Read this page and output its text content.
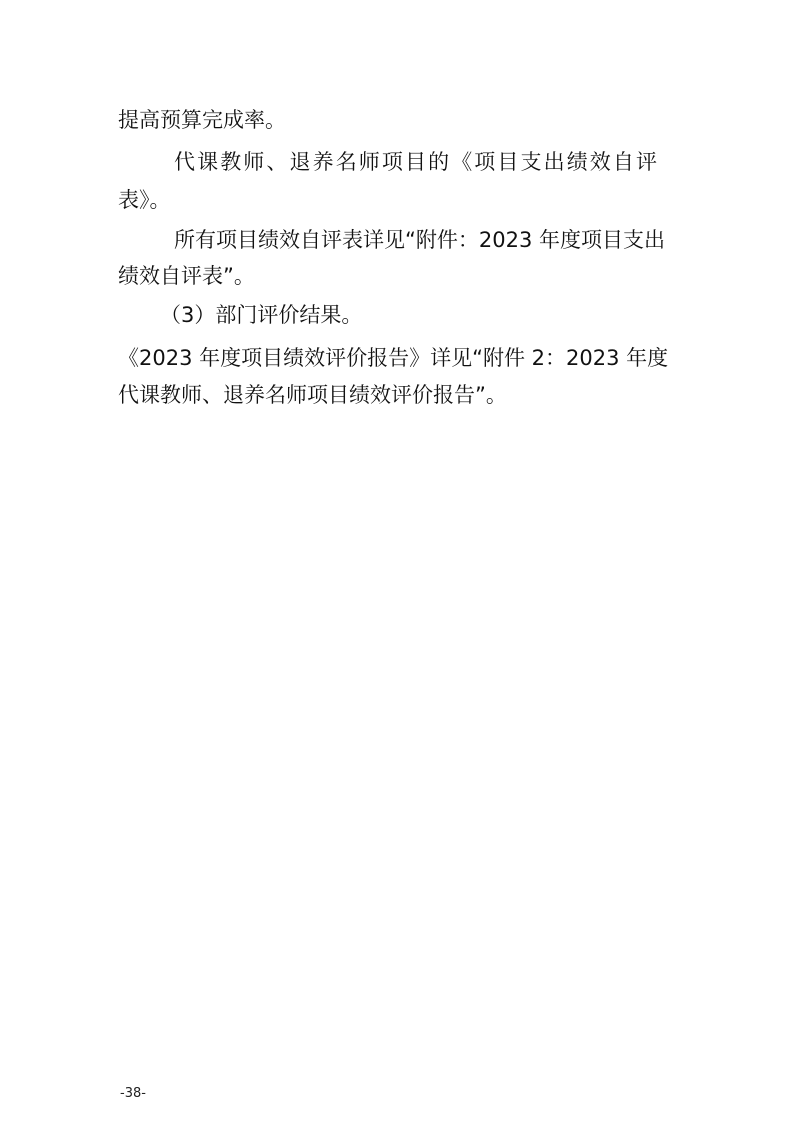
提高预算完成率。

代课教师、退养名师项目的《项目支出绩效自评

表》。

所有项目绩效自评表详见“附件：2023 年度项目支出

绩效自评表”。

（3）部门评价结果。

《2023 年度项目绩效评价报告》详见“附件 2：2023 年度

代课教师、退养名师项目绩效评价报告”。

-38-
